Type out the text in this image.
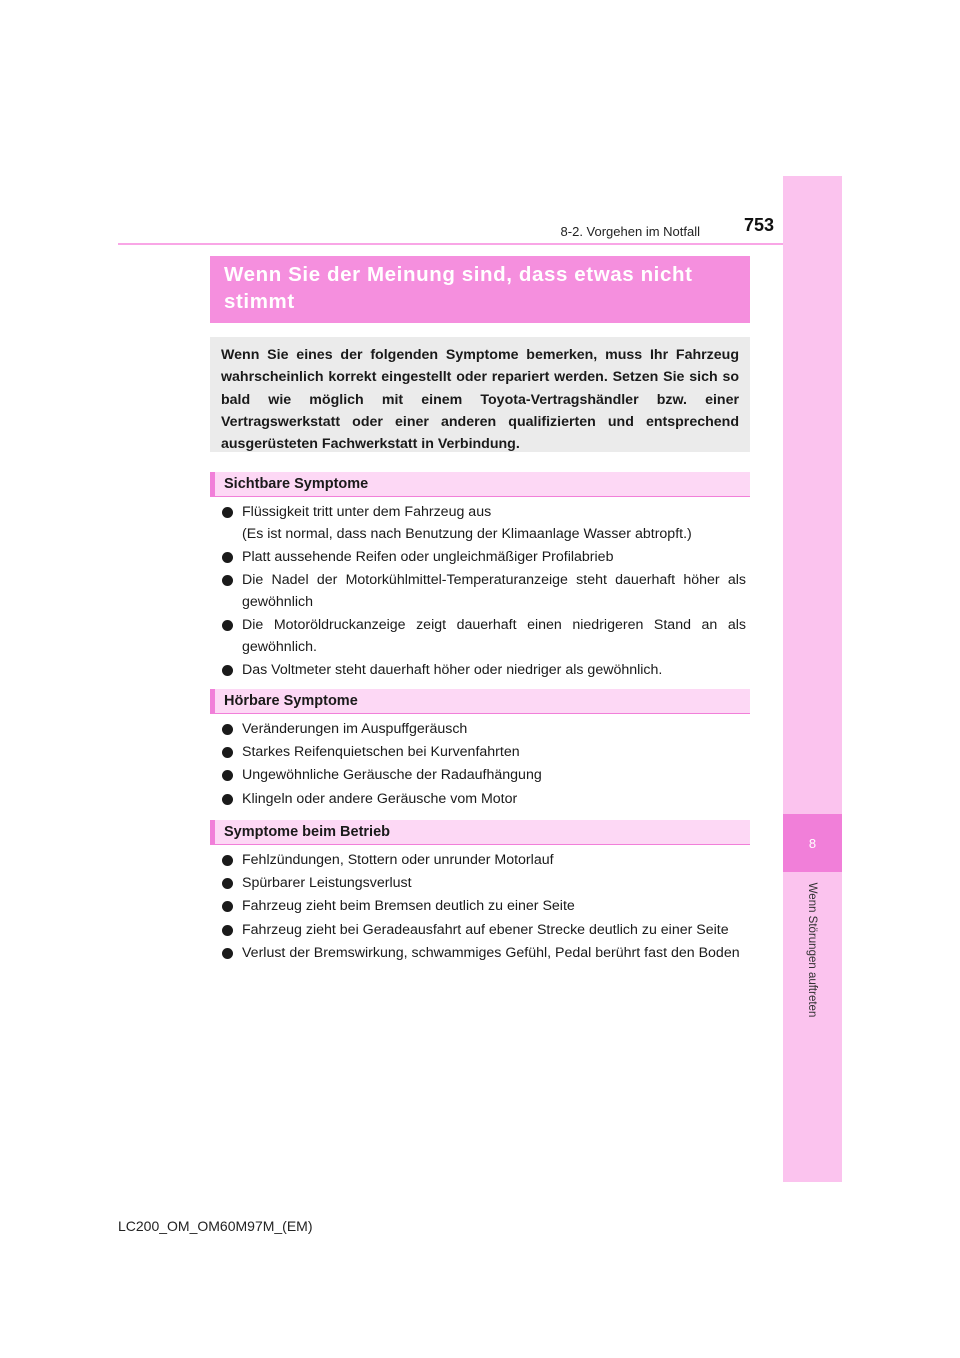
8
Wenn Störungen auftreten
8-2. Vorgehen im Notfall	753
Wenn Sie der Meinung sind, dass etwas nicht stimmt
Wenn Sie eines der folgenden Symptome bemerken, muss Ihr Fahrzeug wahrscheinlich korrekt eingestellt oder repariert werden. Setzen Sie sich so bald wie möglich mit einem Toyota-Vertragshändler bzw. einer Vertragswerkstatt oder einer anderen qualifizierten und entsprechend ausgerüsteten Fachwerkstatt in Verbindung.
Sichtbare Symptome
Flüssigkeit tritt unter dem Fahrzeug aus
(Es ist normal, dass nach Benutzung der Klimaanlage Wasser abtropft.)
Platt aussehende Reifen oder ungleichmäßiger Profilabrieb
Die Nadel der Motorkühlmittel-Temperaturanzeige steht dauerhaft höher als gewöhnlich
Die Motoröldruckanzeige zeigt dauerhaft einen niedrigeren Stand an als gewöhnlich.
Das Voltmeter steht dauerhaft höher oder niedriger als gewöhnlich.
Hörbare Symptome
Veränderungen im Auspuffgeräusch
Starkes Reifenquietschen bei Kurvenfahrten
Ungewöhnliche Geräusche der Radaufhängung
Klingeln oder andere Geräusche vom Motor
Symptome beim Betrieb
Fehlzündungen, Stottern oder unrunder Motorlauf
Spürbarer Leistungsverlust
Fahrzeug zieht beim Bremsen deutlich zu einer Seite
Fahrzeug zieht bei Geradeausfahrt auf ebener Strecke deutlich zu einer Seite
Verlust der Bremswirkung, schwammiges Gefühl, Pedal berührt fast den Boden
LC200_OM_OM60M97M_(EM)
